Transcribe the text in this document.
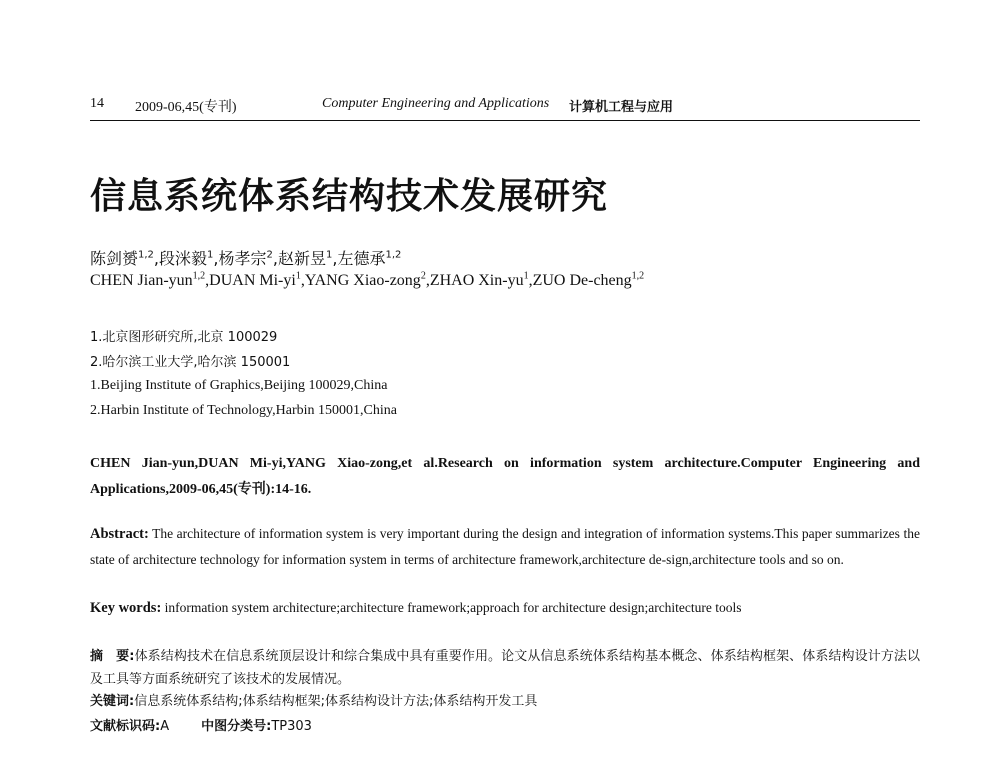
14 2009-06,45(专刊)	Computer Engineering and Applications 计算机工程与应用
信息系统体系结构技术发展研究
陈剑赟$^{1,2}$,段洣毅$^1$,杨孝宗$^2$,赵新昱$^1$,左德承$^{1,2}$
CHEN Jian-yun$^{1,2}$,DUAN $Mi-yi^1,YANG$ Xiao-zong$^2$,ZHAO Xin-$yu^1,ZUO$ De-cheng$^{1,2}$
1.北京图形研究所,北京 100029
2.哈尔滨工业大学,哈尔滨 150001
1.Beijing Institute of Graphics,Beijing 100029,China
2.Harbin Institute of Technology,Harbin 150001,China
CHEN Jian-yun,DUAN Mi-yi,YANG Xiao-zong,et al.Research on information system architecture.Computer Engineering and Applications,2009-06,45(专刊):14-16.
Abstract: The architecture of information system is very important during the design and integration of information systems.This paper summarizes the state of architecture technology for information system in terms of architecture framework,architecture de-sign,architecture tools and so on.
Key words: information system architecture;architecture framework;approach for architecture design;architecture tools
摘　要:体系结构技术在信息系统顶层设计和综合集成中具有重要作用。论文从信息系统体系结构基本概念、体系结构框架、体系结构设计方法以及工具等方面系统研究了该技术的发展情况。
关键词:信息系统体系结构;体系结构框架;体系结构设计方法;体系结构开发工具
文献标识码:A 中图分类号:TP303
